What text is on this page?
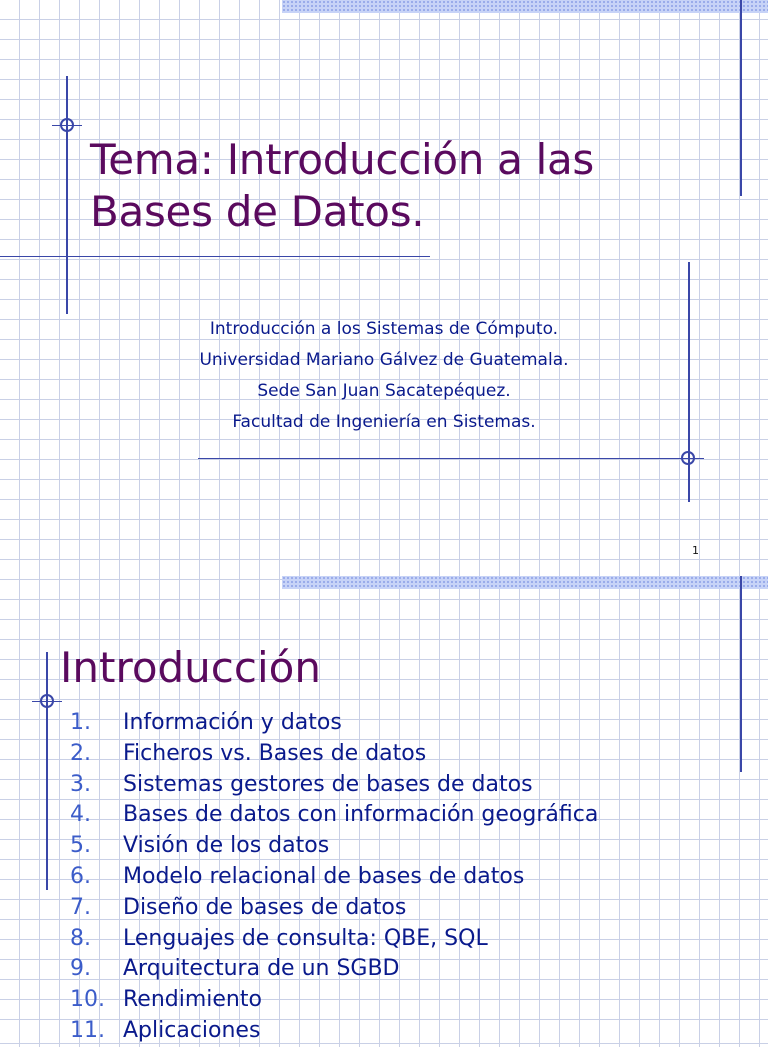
Tema: Introducción a las
Bases de Datos.
Introducción a los Sistemas de Cómputo.
Universidad Mariano Gálvez de Guatemala.
Sede San Juan Sacatepéquez.
Facultad de Ingeniería en Sistemas.
1
Introducción
1. Información y datos
2. Ficheros vs. Bases de datos
3. Sistemas gestores de bases de datos
4. Bases de datos con información geográfica
5. Visión de los datos
6. Modelo relacional de bases de datos
7. Diseño de bases de datos
8. Lenguajes de consulta: QBE, SQL
9. Arquitectura de un SGBD
10. Rendimiento
11. Aplicaciones
